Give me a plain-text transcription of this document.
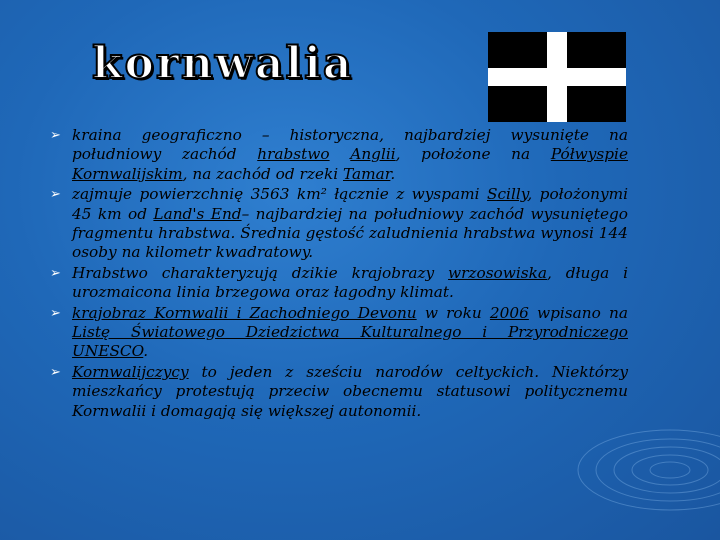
kornwalia
➢ kraina geograficzno – historyczna, najbardziej wysunięte na południowy zachód hrabstwo Anglii, położone na Półwyspie Kornwalijskim, na zachód od rzeki Tamar.
➢ zajmuje powierzchnię 3563 km² łącznie z wyspami Scilly, położonymi 45 km od Land's End– najbardziej na południowy zachód wysuniętego fragmentu hrabstwa. Średnia gęstość zaludnienia hrabstwa wynosi 144 osoby na kilometr kwadratowy.
➢ Hrabstwo charakteryzują dzikie krajobrazy wrzosowiska, długa i urozmaicona linia brzegowa oraz łagodny klimat.
➢ krajobraz Kornwalii i Zachodniego Devonu w roku 2006 wpisano na Listę Światowego Dziedzictwa Kulturalnego i Przyrodniczego UNESCO.
➢ Kornwalijczycy to jeden z sześciu narodów celtyckich. Niektórzy mieszkańcy protestują przeciw obecnemu statusowi politycznemu Kornwalii i domagają się większej autonomii.
